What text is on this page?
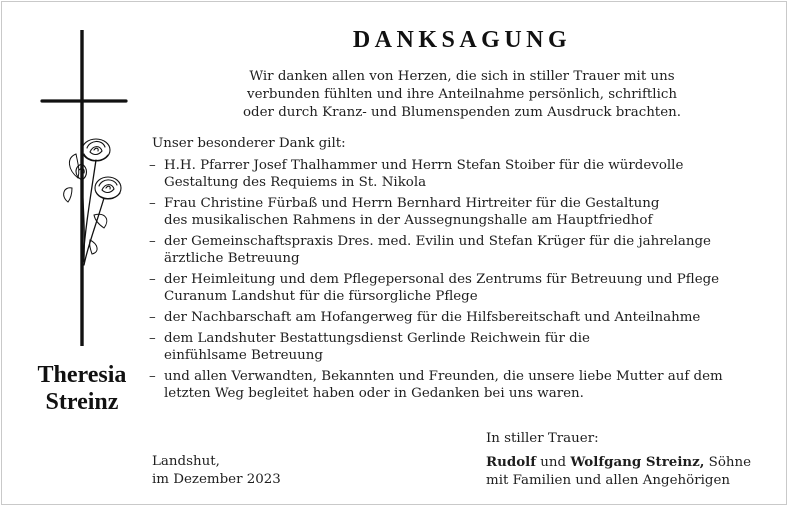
Theresia
Streinz
DANKSAGUNG
Wir danken allen von Herzen, die sich in stiller Trauer mit uns
verbunden fühlten und ihre Anteilnahme persönlich, schriftlich
oder durch Kranz- und Blumenspenden zum Ausdruck brachten.
Unser besonderer Dank gilt:
– H.H. Pfarrer Josef Thalhammer und Herrn Stefan Stoiber für die würdevolle
Gestaltung des Requiems in St. Nikola
– Frau Christine Fürbaß und Herrn Bernhard Hirtreiter für die Gestaltung
des musikalischen Rahmens in der Aussegnungshalle am Hauptfriedhof
– der Gemeinschaftspraxis Dres. med. Evilin und Stefan Krüger für die jahrelange
ärztliche Betreuung
– der Heimleitung und dem Pflegepersonal des Zentrums für Betreuung und Pflege
Curanum Landshut für die fürsorgliche Pflege
– der Nachbarschaft am Hofangerweg für die Hilfsbereitschaft und Anteilnahme
– dem Landshuter Bestattungsdienst Gerlinde Reichwein für die
einfühlsame Betreuung
– und allen Verwandten, Bekannten und Freunden, die unsere liebe Mutter auf dem
letzten Weg begleitet haben oder in Gedanken bei uns waren.
In stiller Trauer:
Landshut,
im Dezember 2023
Rudolf und Wolfgang Streinz, Söhne
mit Familien und allen Angehörigen
